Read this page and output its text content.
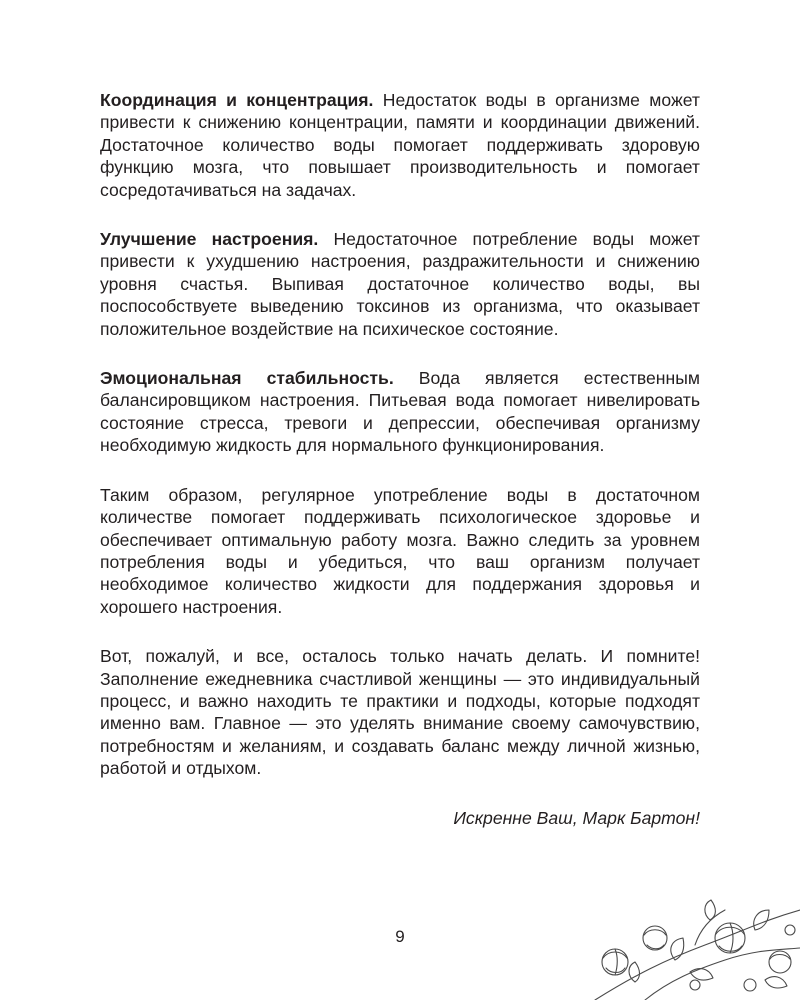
Координация и концентрация. Недостаток воды в организме может привести к снижению концентрации, памяти и координации движений. Достаточное количество воды помогает поддерживать здоровую функцию мозга, что повышает производительность и помогает сосредотачиваться на задачах.

Улучшение настроения. Недостаточное потребление воды может привести к ухудшению настроения, раздражительности и снижению уровня счастья. Выпивая достаточное количество воды, вы поспособствуете выведению токсинов из организма, что оказывает положительное воздействие на психическое состояние.

Эмоциональная стабильность. Вода является естественным балансировщиком настроения. Питьевая вода помогает нивелировать состояние стресса, тревоги и депрессии, обеспечивая организму необходимую жидкость для нормального функционирования.

Таким образом, регулярное употребление воды в достаточном количестве помогает поддерживать психологическое здоровье и обеспечивает оптимальную работу мозга. Важно следить за уровнем потребления воды и убедиться, что ваш организм получает необходимое количество жидкости для поддержания здоровья и хорошего настроения.

Вот, пожалуй, и все, осталось только начать делать. И помните! Заполнение ежедневника счастливой женщины — это индивидуальный процесс, и важно находить те практики и подходы, которые подходят именно вам. Главное — это уделять внимание своему самочувствию, потребностям и желаниям, и создавать баланс между личной жизнью, работой и отдыхом.

Искренне Ваш, Марк Бартон!

9
